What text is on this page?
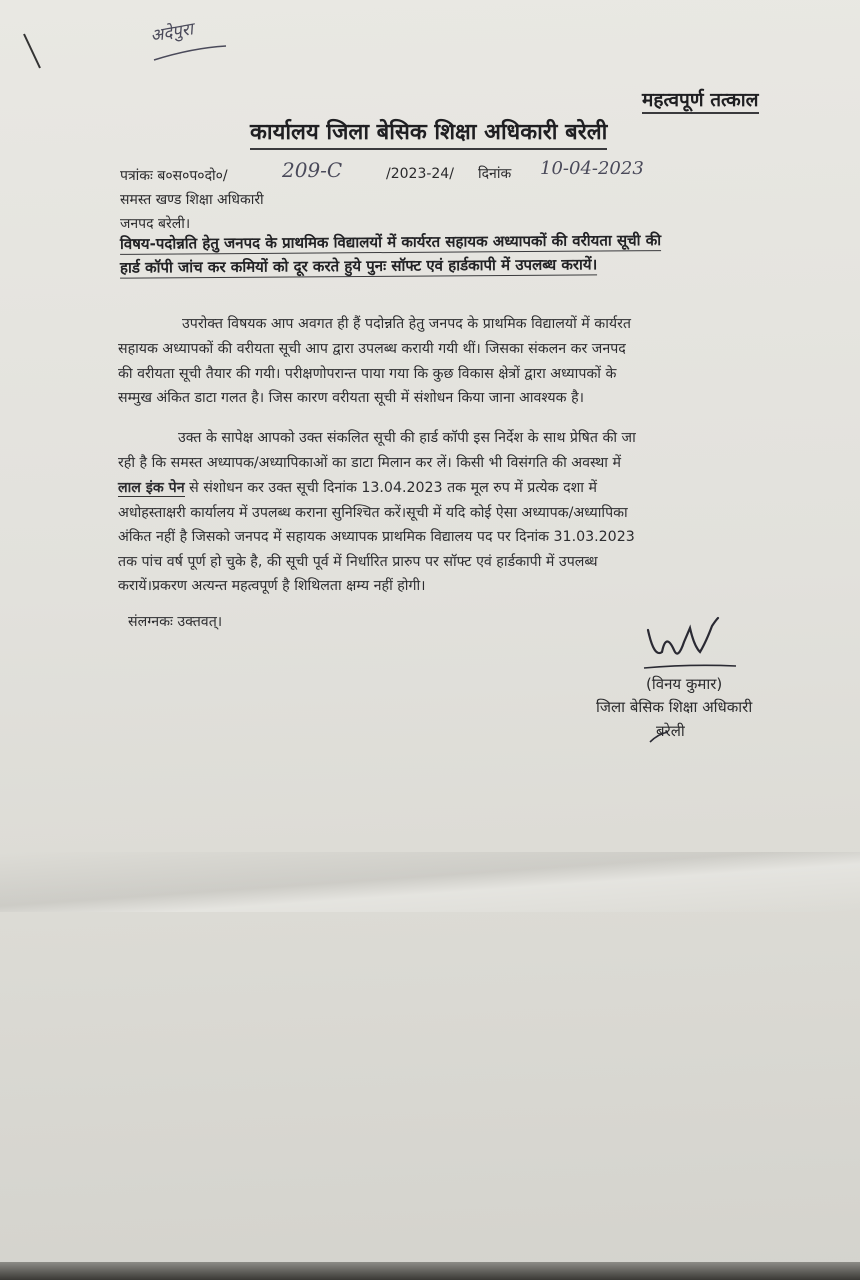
अदेपुरा
महत्वपूर्ण तत्काल
कार्यालय जिला बेसिक शिक्षा अधिकारी बरेली
पत्रांकः ब०स०प०दो०/	209-C	/2023-24/ दिनांक 10-04-2023
समस्त खण्ड शिक्षा अधिकारी
जनपद बरेली।
विषय-पदोन्नति हेतु जनपद के प्राथमिक विद्यालयों में कार्यरत सहायक अध्यापकों की वरीयता सूची की
हार्ड कॉपी जांच कर कमियों को दूर करते हुये पुनः सॉफ्ट एवं हार्डकापी में उपलब्ध करायें।
उपरोक्त विषयक आप अवगत ही हैं पदोन्नति हेतु जनपद के प्राथमिक विद्यालयों में कार्यरत
सहायक अध्यापकों की वरीयता सूची आप द्वारा उपलब्ध करायी गयी थीं। जिसका संकलन कर जनपद
की वरीयता सूची तैयार की गयी। परीक्षणोपरान्त पाया गया कि कुछ विकास क्षेत्रों द्वारा अध्यापकों के
सम्मुख अंकित डाटा गलत है। जिस कारण वरीयता सूची में संशोधन किया जाना आवश्यक है।
उक्त के सापेक्ष आपको उक्त संकलित सूची की हार्ड कॉपी इस निर्देश के साथ प्रेषित की जा
रही है कि समस्त अध्यापक/अध्यापिकाओं का डाटा मिलान कर लें। किसी भी विसंगति की अवस्था में
लाल इंक पेन से संशोधन कर उक्त सूची दिनांक 13.04.2023 तक मूल रुप में प्रत्येक दशा में
अधोहस्ताक्षरी कार्यालय में उपलब्ध कराना सुनिश्चित करें।सूची में यदि कोई ऐसा अध्यापक/अध्यापिका
अंकित नहीं है जिसको जनपद में सहायक अध्यापक प्राथमिक विद्यालय पद पर दिनांक 31.03.2023
तक पांच वर्ष पूर्ण हो चुके है, की सूची पूर्व में निर्धारित प्रारुप पर सॉफ्ट एवं हार्डकापी में उपलब्ध
करायें।प्रकरण अत्यन्त महत्वपूर्ण है शिथिलता क्षम्य नहीं होगी।
संलग्नकः उक्तवत्।
(विनय कुमार)
जिला बेसिक शिक्षा अधिकारी
बरेली
